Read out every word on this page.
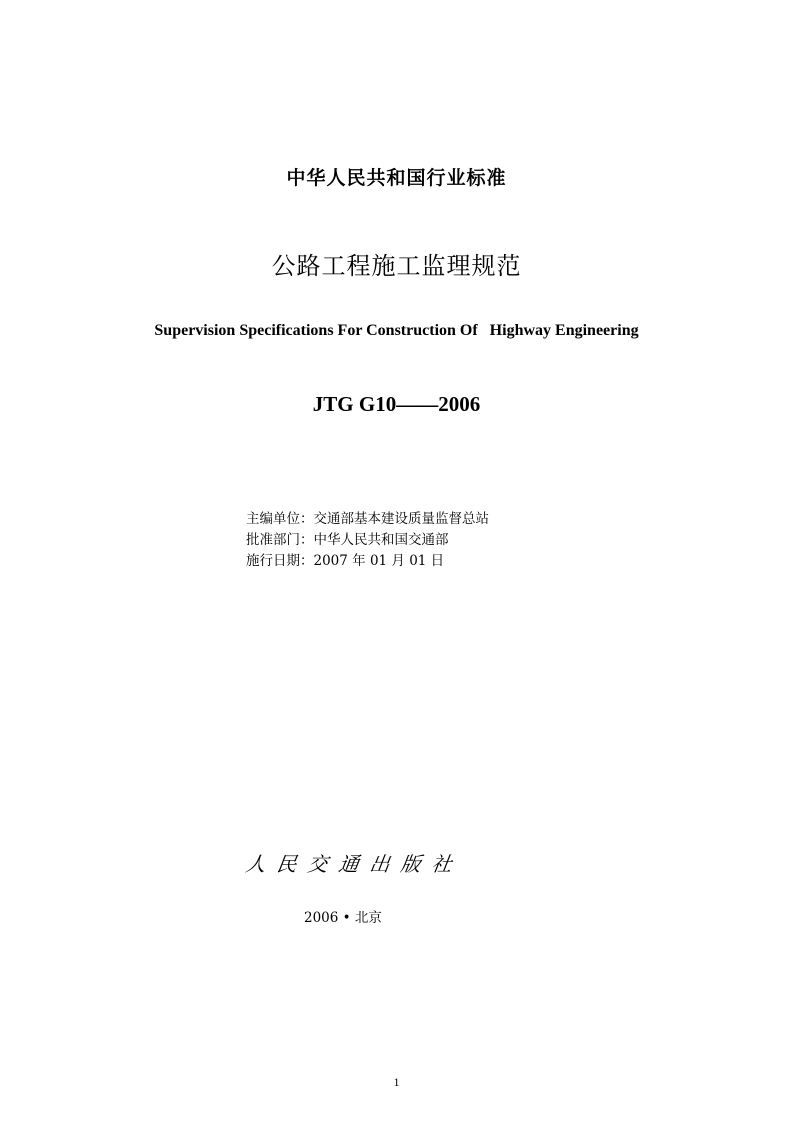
中华人民共和国行业标准
公路工程施工监理规范
Supervision Specifications For Construction Of   Highway Engineering
JTG G10——2006
主编单位：交通部基本建设质量监督总站
批准部门：中华人民共和国交通部
施行日期：2007 年 01 月 01 日
人民交通出版社
2006 • 北京
1
